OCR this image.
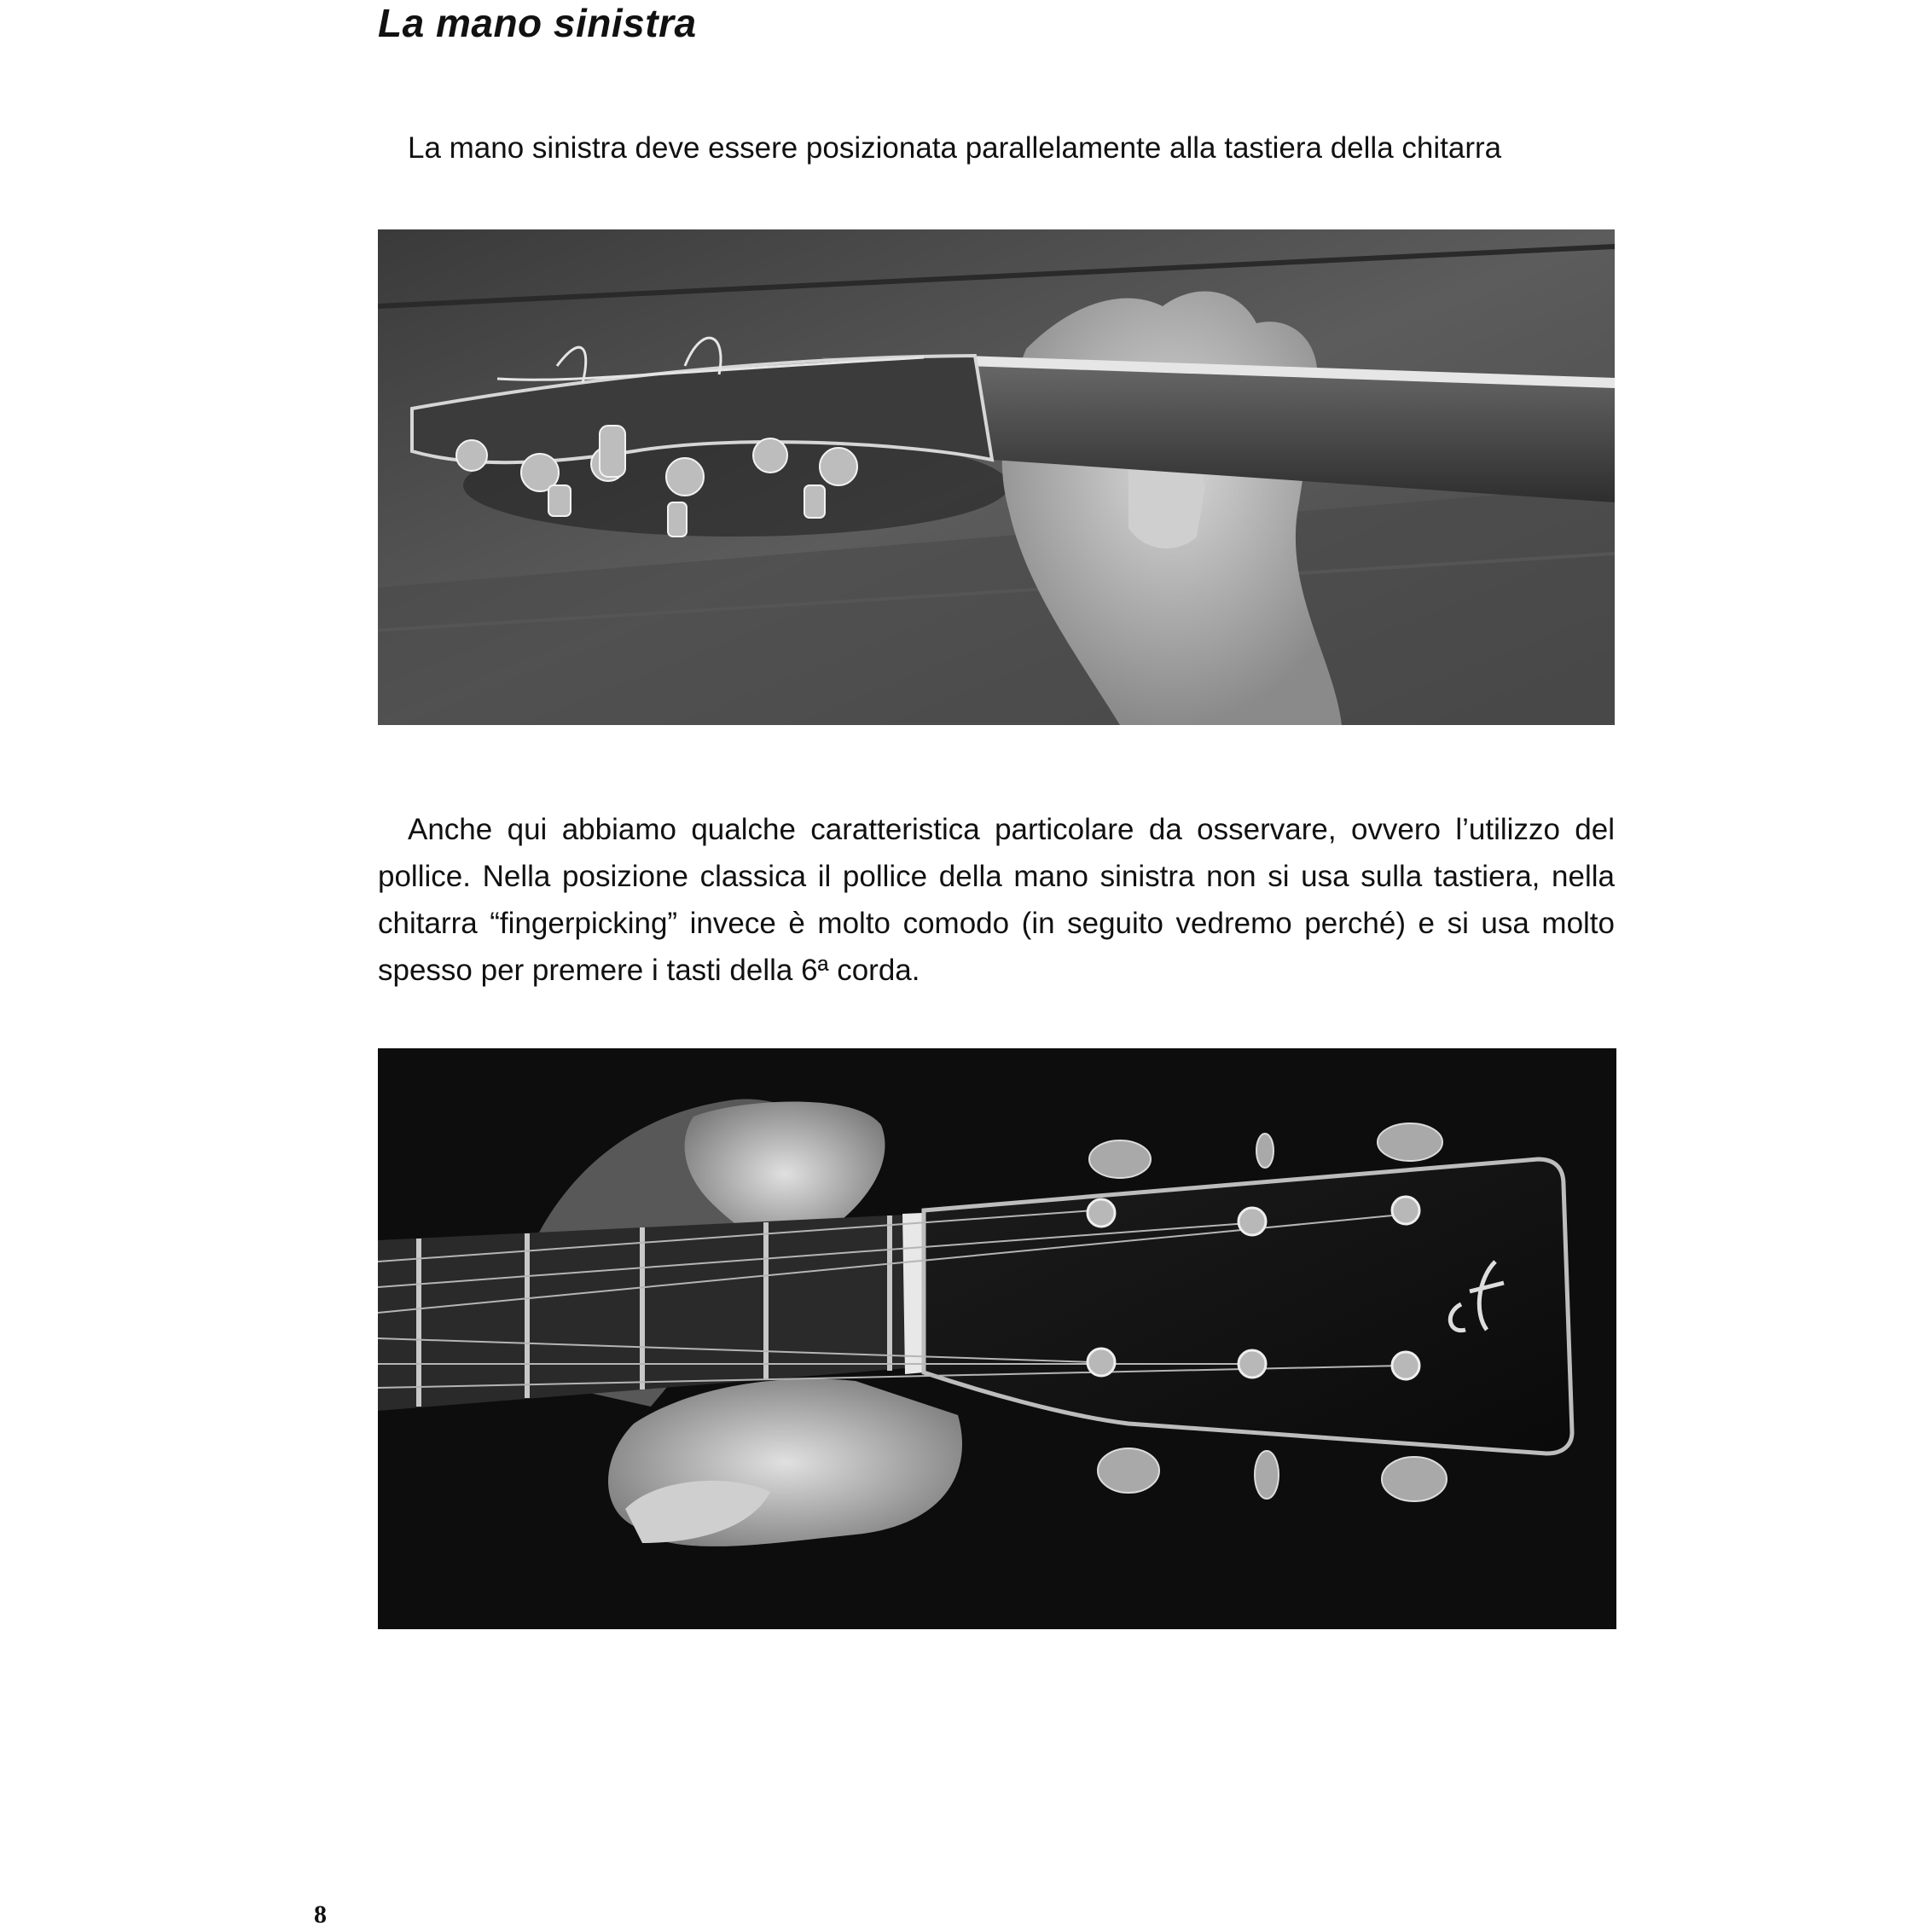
La mano sinistra

La mano sinistra deve essere posizionata parallelamente alla tastiera della chitarra

Anche qui abbiamo qualche caratteristica particolare da osservare, ovvero l’utilizzo del pollice. Nella posizione classica il pollice della mano sinistra non si usa sulla tastiera, nella chitarra “fingerpicking” invece è molto comodo (in seguito vedremo perché) e si usa molto spesso per premere i tasti della 6ª corda.

8
